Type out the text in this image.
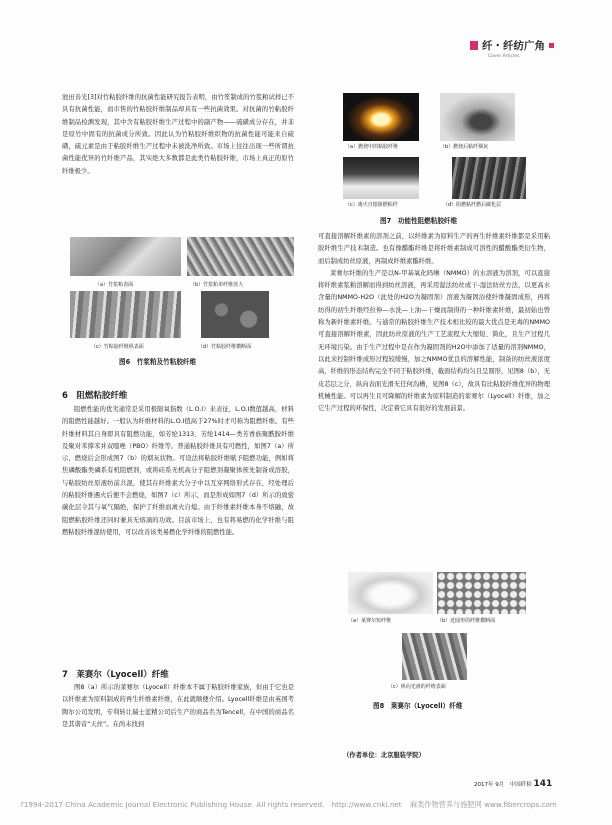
纤・纤纺广角
Cover Articles

池田善光[3]对竹粘胶纤维的抗菌性能研究报告表明，由竹笙制成的竹浆粕试样已不具有抗菌性能，而市售的竹粘胶纤维制品却具有一些抗菌效果。对抗菌的竹粘胶纤维制品检测发现，其中含有粘胶纤维生产过程中的副产物——硫磺成分存在，并非是原竹中固有的抗菌成分所致。因此认为竹粘胶纤维织物的抗菌性能可能来自硫磺，硫元素是由于粘胶纤维生产过程中未被洗净所致。市场上往往出现一些所谓抗菌性能优异的竹纤维产品，其实绝大多数都是此类竹粘胶纤维，市场上真正的原竹纤维极少。

（a）竹浆粕表面	（b）竹浆粕单纤维放大
（c）竹粘胶纤维纵表面	（d）竹粘胶纤维横断面
图6　竹浆粕及竹粘胶纤维
6　阻燃粘胶纤维

阻燃性能的优劣通常是采用极限氧指数（L.O.I）来表征，L.O.I数值越高，材料的阻燃性能越好。一般认为纤维材料的L.O.I值高于27%时才可称为阻燃纤维。有些纤维材料其自身即具有阻燃功能，如芳纶1313、芳纶1414—类芳香族聚酰胺纤维及聚对苯撑苯并双噁唑（PBO）纤维等。普通粘胶纤维具有可燃性，如图7（a）所示，燃烧后会形成图7（b）的烟灰状物。可设法将粘胶纤维赋予阻燃功能，例如将焦磷酸酯类磷系有机阻燃剂，或将硅系无机高分子阻燃剂凝聚体预先制备成溶胶，与粘胶纺丝原液纺前共混，使其在纤维素大分子中以互穿网络形式存在，经处理后的粘胶纤维遇火后便不会燃烧，如图7（c）所示，而是形成如图7（d）所示的致密碳化层令其与氧气隔绝，保护了纤维而离火自熄。由于纤维素纤维本身不熔融，故阻燃粘胶纤维还同时兼具无熔滴的功效。目前市场上，也有将易燃的化学纤维与阻燃粘胶纤维混纺使用，可以改善该类易燃化学纤维的阻燃性能。

7　莱赛尔（Lyocell）纤维

图8（a）所示的莱赛尔（Lyocell）纤维本不属于粘胶纤维家族，但由于它也是以纤维素为原料制成的再生纤维素纤维，在此就顺便介绍。Lyocell纤维是由英国考陶尔公司发明，专利转让瑞士蓝精公司后生产的商品名为Tencell，在中国的商品名是其谐音“天丝”。在尚未找到

（a）燃烧中的粘胶纤维	（b）燃烧后粘纤烟灰
（c）离火自熄阻燃粘纤	（d）阻燃粘纤燃后碳化层
图7　功能性阻燃粘胶纤维

可直接溶解纤维素的溶剂之前，以纤维素为原料生产的再生纤维素纤维都是采用粘胶纤维生产技术制造。也有像醋酯纤维是将纤维素制成可溶性的醋酸酯类衍生物，而后制成纺丝原液，再制成纤维素酯纤维。

莱赛尔纤维的生产是以N-甲基氧化吗啉（NMMO）的水溶液为溶剂，可以直接将纤维素浆粕溶解而得到纺丝溶液，再采用湿法纺丝或干-湿法纺丝方法，以更高水含量的NMMO-H2O（此处的H2O为凝固剂）溶液为凝固浴使纤维凝固成形，再将纺得的初生纤维经拉伸—水洗—上油—干燥而制得的一种纤维素纤维，最初始也曾称为新纤维素纤维。与通常的粘胶纤维生产技术相比较的最大优点是无毒的NMMO可直接溶解纤维素，因此纺丝原液的生产工艺流程大大缩短、简化，且生产过程几无环境污染。由于生产过程中是在作为凝固剂的H2O中添加了适量的溶剂NMMO，以此来控制纤维成形过程较缓慢，加之NMMO优良的溶解性能，制备的纺丝液浓度高，纤维的形态结构完全不同于粘胶纤维，截面结构均匀且呈圆形，见图8（b），无皮芯层之分，纵向表面光滑无任何沟槽，见图8（c），故具有比粘胶纤维优异的物理机械性能。可以再生且可降解的纤维素为原料制造的莱赛尔（Lyocell）纤维，加之它生产过程的环保性，决定着它具有很好的发展前景。

（a）莱赛尔短纤维	（b）近圆形的纤维横断面
（c）纵向光滑的纤维表面
图8　莱赛尔（Lyocell）纤维
（作者单位：北京服装学院）
2017年 9月　中国纤检 141
?1994-2017 China Academic Journal Electronic Publishing House. All rights reserved.　http://www.cnki.net 麻类作物营养与施肥网 www.fibercrops.com
